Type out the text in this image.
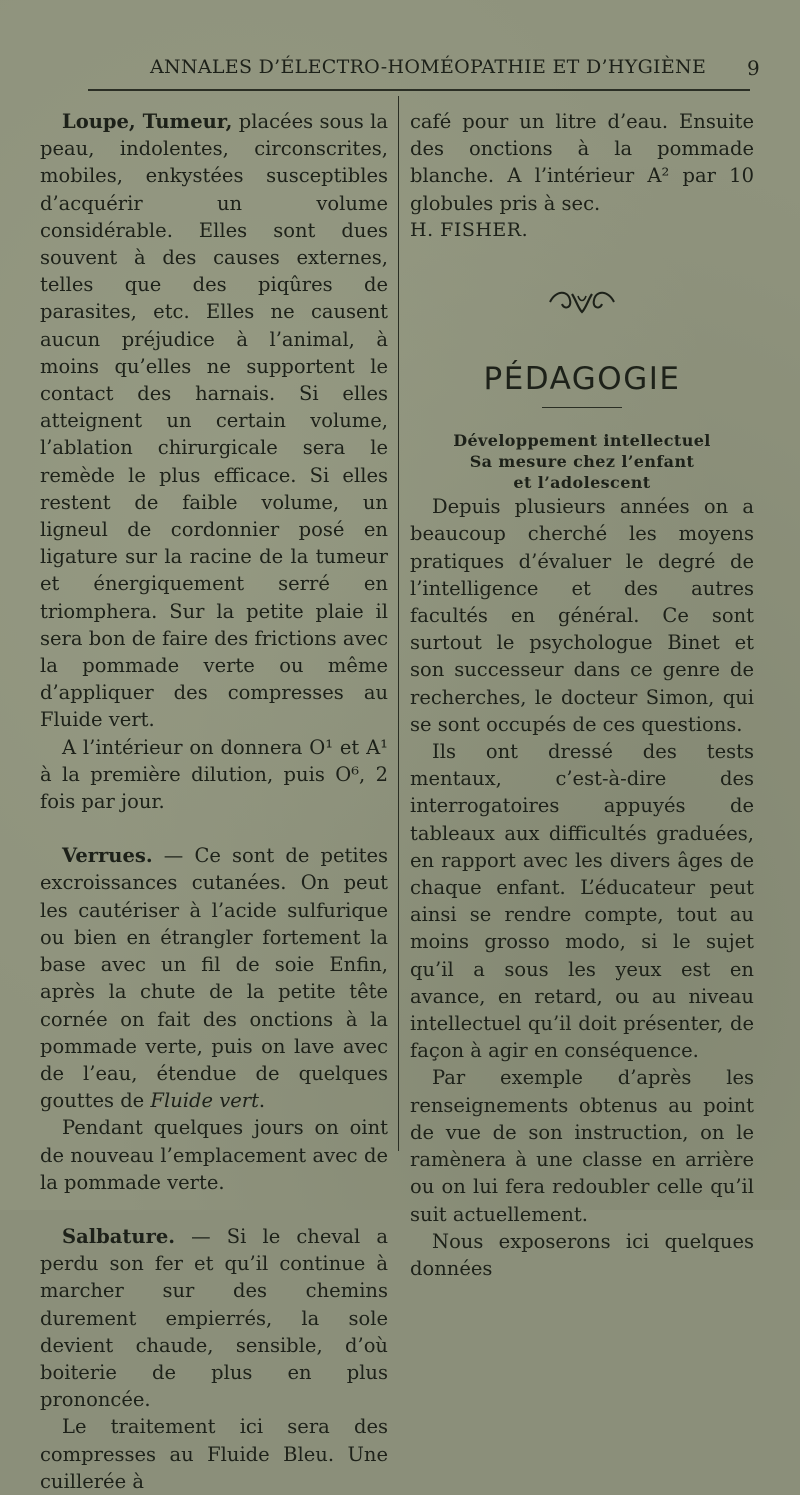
ANNALES D’ÉLECTRO-HOMÉOPATHIE ET D’HYGIÈNE 9

Loupe, Tumeur, placées sous la peau, indolentes, circonscrites, mobiles, enkystées susceptibles d’acquérir un volume considérable. Elles sont dues souvent à des causes externes, telles que des piqûres de parasites, etc. Elles ne causent aucun préjudice à l’animal, à moins qu’elles ne supportent le contact des harnais. Si elles atteignent un certain volume, l’ablation chirurgicale sera le remède le plus efficace. Si elles restent de faible volume, un ligneul de cordonnier posé en ligature sur la racine de la tumeur et énergiquement serré en triomphera. Sur la petite plaie il sera bon de faire des frictions avec la pommade verte ou même d’appliquer des compresses au Fluide vert.

A l’intérieur on donnera O¹ et A¹ à la première dilution, puis O⁶, 2 fois par jour.

Verrues. — Ce sont de petites excroissances cutanées. On peut les cautériser à l’acide sulfurique ou bien en étrangler fortement la base avec un fil de soie Enfin, après la chute de la petite tête cornée on fait des onctions à la pommade verte, puis on lave avec de l’eau, étendue de quelques gouttes de Fluide vert.

Pendant quelques jours on oint de nouveau l’emplacement avec de la pommade verte.

Salbature. — Si le cheval a perdu son fer et qu’il continue à marcher sur des chemins durement empierrés, la sole devient chaude, sensible, d’où boiterie de plus en plus prononcée.

Le traitement ici sera des compresses au Fluide Bleu. Une cuillerée à

café pour un litre d’eau. Ensuite des onctions à la pommade blanche. A l’intérieur A² par 10 globules pris à sec.

H. FISHER.

PÉDAGOGIE
Développement intellectuel
Sa mesure chez l’enfant
et l’adolescent

Depuis plusieurs années on a beaucoup cherché les moyens pratiques d’évaluer le degré de l’intelligence et des autres facultés en général. Ce sont surtout le psychologue Binet et son successeur dans ce genre de recherches, le docteur Simon, qui se sont occupés de ces questions.

Ils ont dressé des tests mentaux, c’est-à-dire des interrogatoires appuyés de tableaux aux difficultés graduées, en rapport avec les divers âges de chaque enfant. L’éducateur peut ainsi se rendre compte, tout au moins grosso modo, si le sujet qu’il a sous les yeux est en avance, en retard, ou au niveau intellectuel qu’il doit présenter, de façon à agir en conséquence.

Par exemple d’après les renseignements obtenus au point de vue de son instruction, on le ramènera à une classe en arrière ou on lui fera redoubler celle qu’il suit actuellement.

Nous exposerons ici quelques données
